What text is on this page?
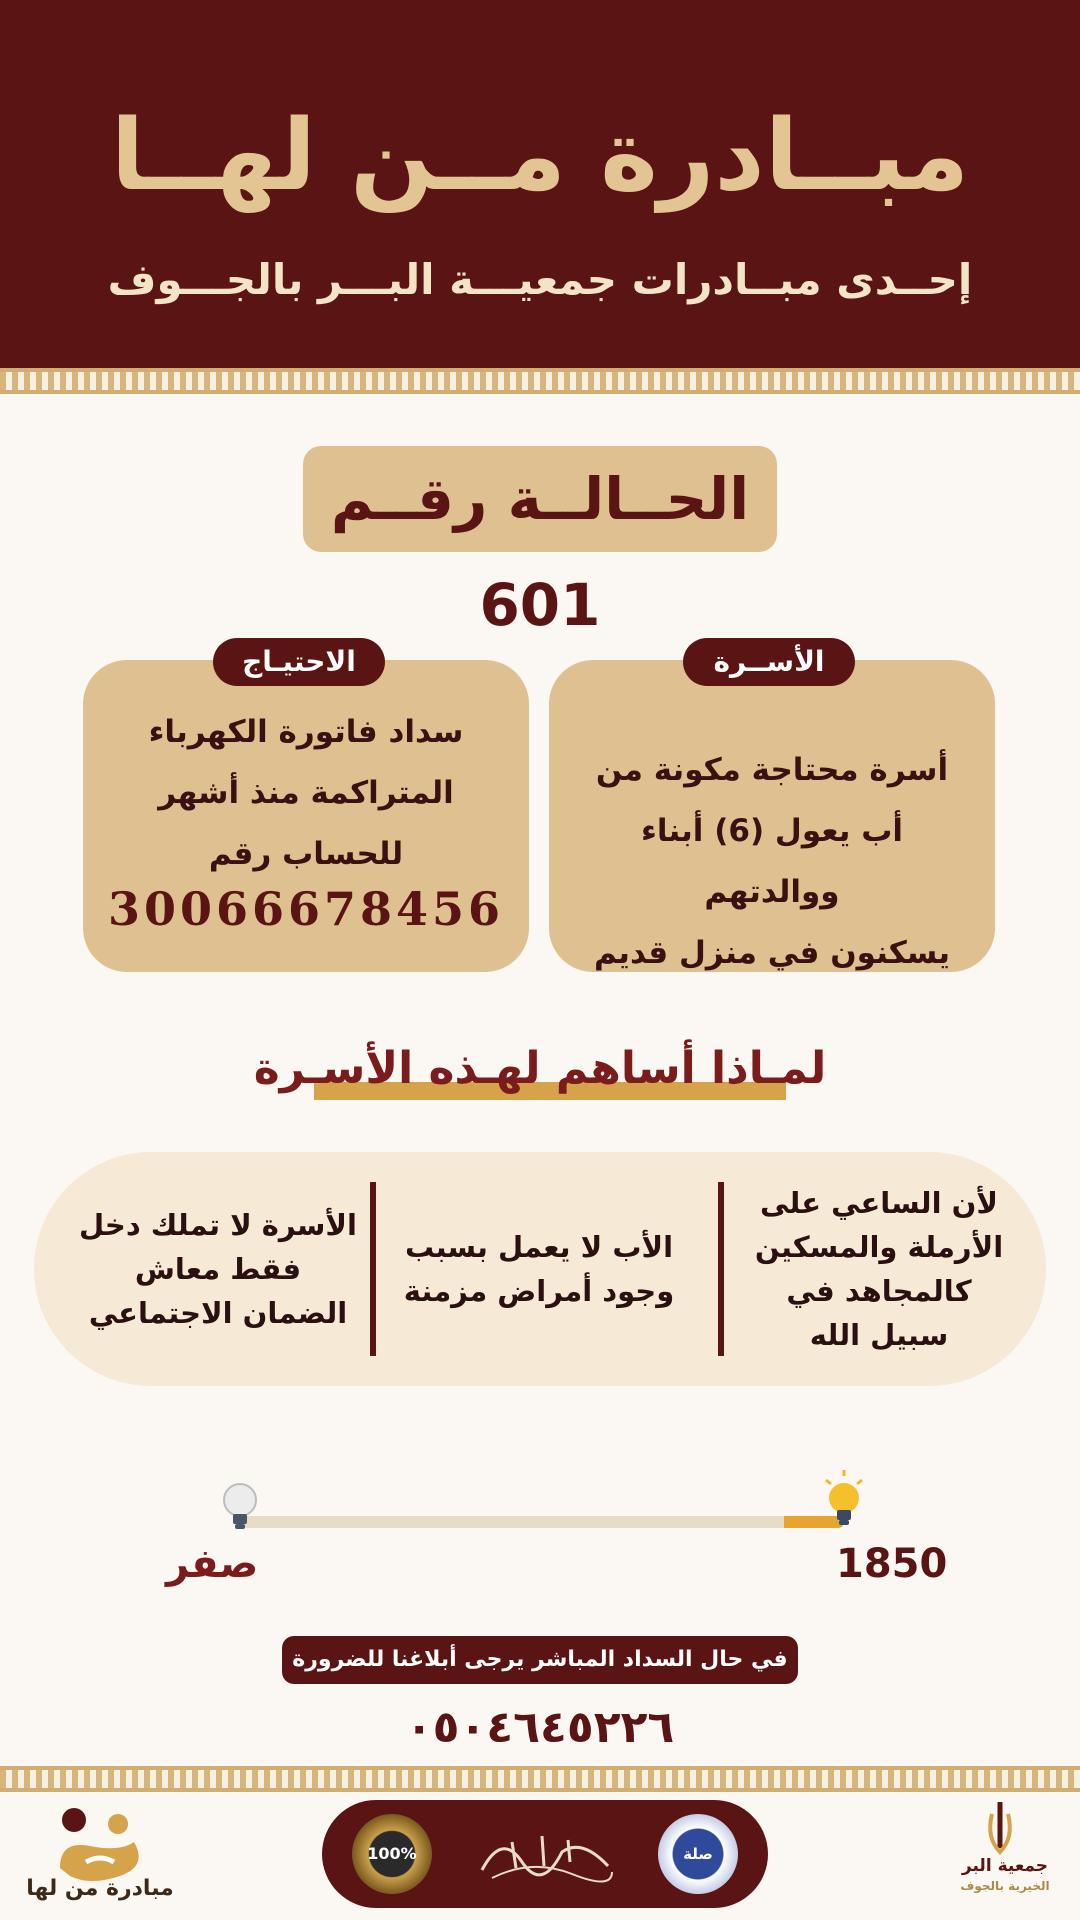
مبــادرة مــن لهــا
إحــدى مبــادرات جمعيـــة البـــر بالجـــوف
الحــالــة رقــم 601
أسرة محتاجة مكونة من
أب يعول (6) أبناء ووالدتهم
يسكنون في منزل قديم
الأســرة
سداد فاتورة الكهرباء
المتراكمة منذ أشهر
للحساب رقم
30066678456
الاحتيـاج
لمـاذا أساهم لهـذه الأسـرة
لأن الساعي على
الأرملة والمسكين
كالمجاهد في
سبيل الله
الأب لا يعمل بسبب
وجود أمراض مزمنة
الأسرة لا تملك دخل
فقط معاش
الضمان الاجتماعي
1850
صفر
في حال السداد المباشر يرجى أبلاغنا للضرورة
٠٥٠٤٦٤٥٢٢٦
100%	صلة
مبادرة من لها
جمعية البر
الخيرية بالجوف
